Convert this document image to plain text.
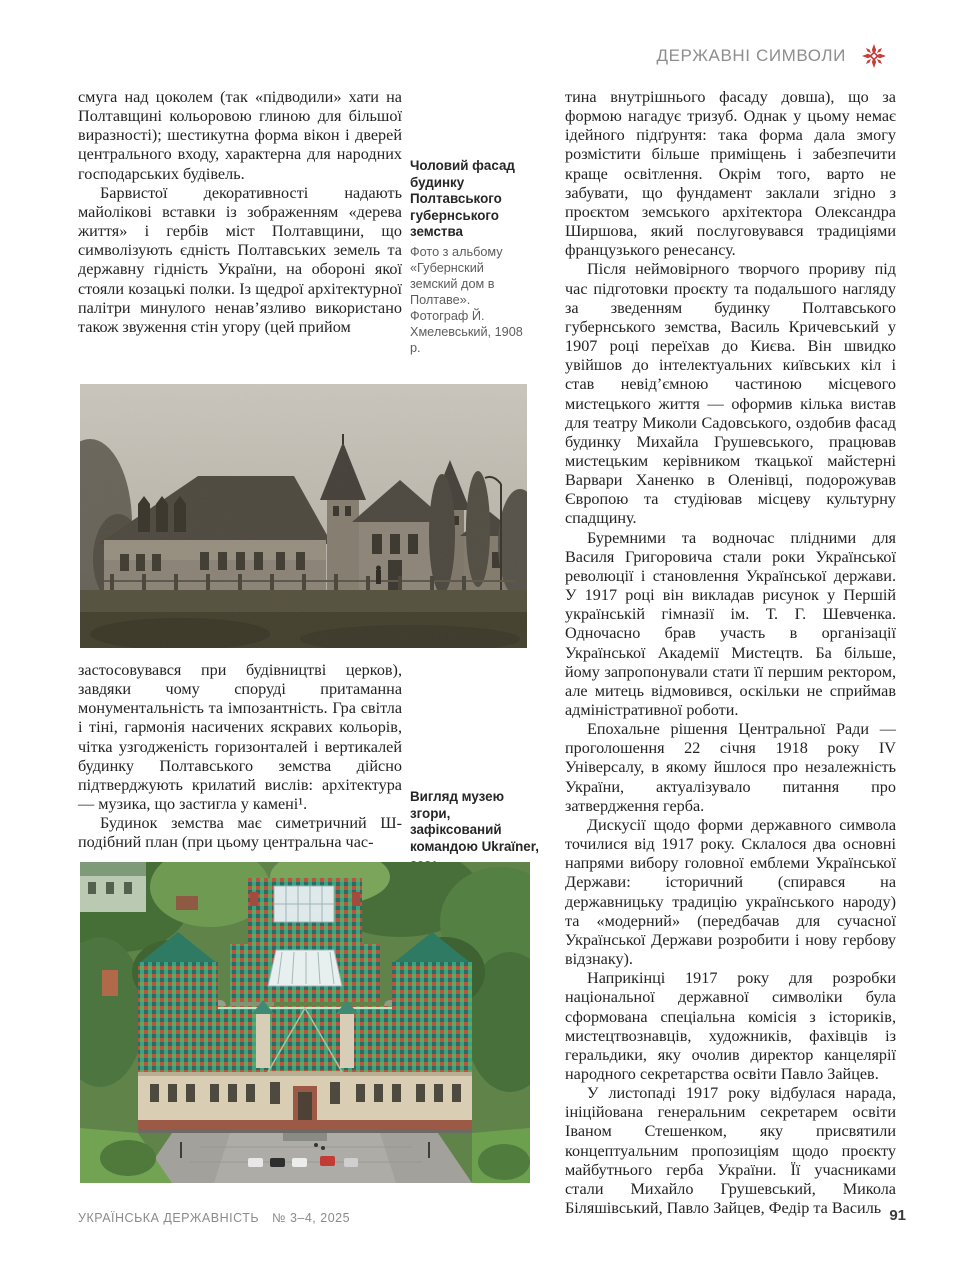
ДЕРЖАВНІ СИМВОЛИ

смуга над цоколем (так «підводили» хати на Полтавщині кольоровою глиною для більшої виразності); шестикутна форма вікон і дверей центрального входу, характерна для народних господарських будівель.

Барвистої декоративності надають майолікові вставки із зображенням «дерева життя» і гербів міст Полтавщини, що символізують єдність Полтавських земель та державну гідність України, на обороні якої стояли козацькі полки. Із щедрої архітектурної палітри минулого ненав’язливо використано також звуження стін угору (цей прийом

Чоловий фасад будинку Полтавського губернського земства

Фото з альбому «Губернский земский дом в Полтаве». Фотограф Й. Хмелевський, 1908 р.

застосовувався при будівництві церков), завдяки чому споруді притаманна монументальність та імпозантність. Гра світла і тіні, гармонія насичених яскравих кольорів, чітка узгодженість горизонталей і вертикалей будинку Полтавського земства дійсно підтверджують крилатий вислів: архітектура — музика, що застигла у камені¹.

Будинок земства має симетричний Ш-подібний план (при цьому центральна час-

Вигляд музею згори, зафіксований командою Ukraïner,

тина внутрішнього фасаду довша), що за формою нагадує тризуб. Однак у цьому немає ідейного підґрунтя: така форма дала змогу розмістити більше приміщень і забезпечити краще освітлення. Окрім того, варто не забувати, що фундамент заклали згідно з проєктом земського архітектора Олександра Ширшова, який послуговувався традиціями французького ренесансу.

Після неймовірного творчого прориву під час підготовки проєкту та подальшого нагляду за зведенням будинку Полтавського губернського земства, Василь Кричевський у 1907 році переїхав до Києва. Він швидко увійшов до інтелектуальних київських кіл і став невід’ємною частиною місцевого мистецького життя — оформив кілька вистав для театру Миколи Садовського, оздобив фасад будинку Михайла Грушевського, працював мистецьким керівником ткацької майстерні Варвари Ханенко в Оленівці, подорожував Європою та студіював місцеву культурну спадщину.

Буремними та водночас плідними для Василя Григоровича стали роки Української революції і становлення Української держави. У 1917 році він викладав рисунок у Першій українській гімназії ім. Т. Г. Шевченка. Одночасно брав участь в організації Української Академії Мистецтв. Ба більше, йому запропонували стати її першим ректором, але митець відмовився, оскільки не сприймав адміністративної роботи.

Епохальне рішення Центральної Ради — проголошення 22 січня 1918 року IV Універсалу, в якому йшлося про незалежність України, актуалізувало питання про затвердження герба.

Дискусії щодо форми державного символа точилися від 1917 року. Склалося два основні напрями вибору головної емблеми Української Держави: історичний (спирався на державницьку традицію українського народу) та «модерний» (передбачав для сучасної Української Держави розробити і нову гербову відзнаку).

Наприкінці 1917 року для розробки національної державної символіки була сформована спеціальна комісія з істориків, мистецтвознавців, художників, фахівців із геральдики, яку очолив директор канцелярії народного секретарства освіти Павло Зайцев.

У листопаді 1917 року відбулася нарада, ініційована генеральним секретарем освіти Іваном Стешенком, яку присвятили концептуальним пропозиціям щодо проєкту майбутнього герба України. Її учасниками стали Михайло Грушевський, Микола Біляшівський, Павло Зайцев, Федір та Василь

УКРАЇНСЬКА ДЕРЖАВНІСТЬ № 3–4, 2025	91
